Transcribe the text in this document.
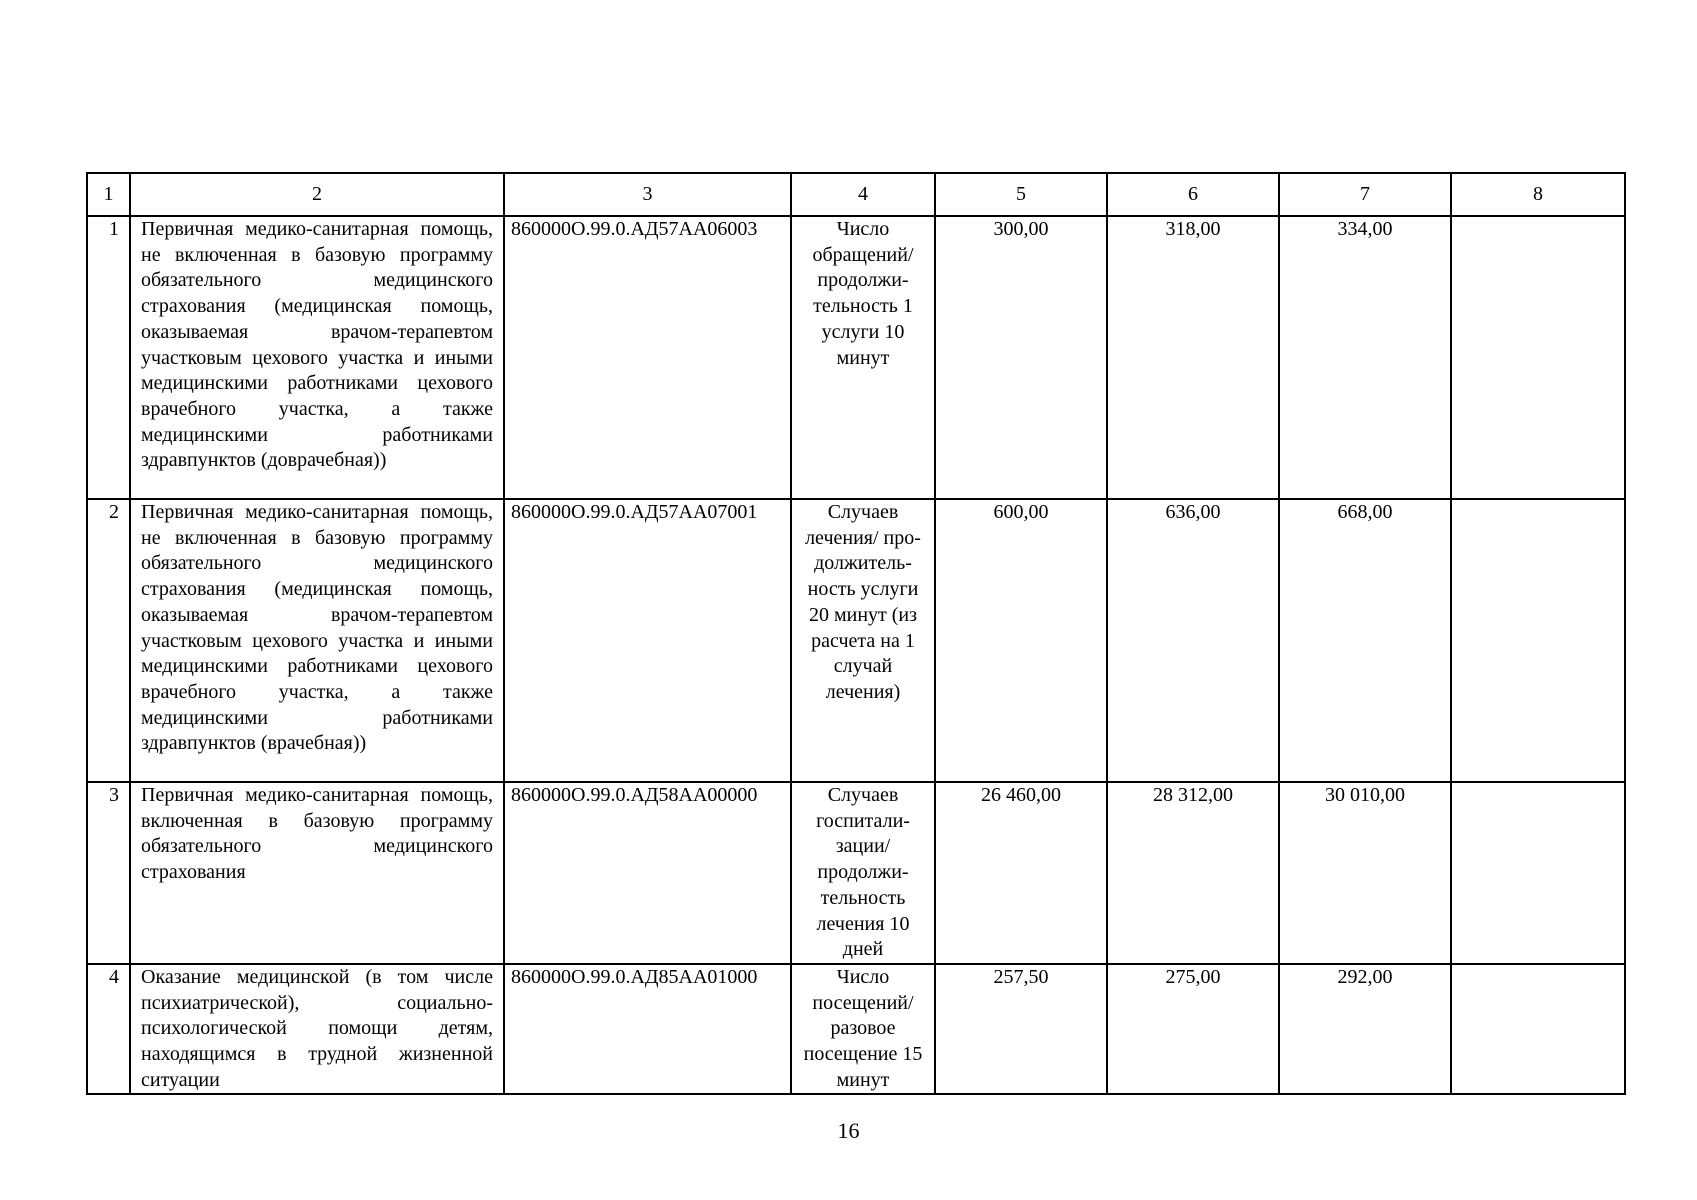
1	2	3	4	5	6	7	8
1	Первичная медико-санитарная помощь, не включенная в базовую программу обязательного медицинского страхования (медицинская помощь, оказываемая врачом-терапевтом участковым цехового участка и иными медицинскими работниками цехового врачебного участка, а также медицинскими работниками здравпунктов (доврачебная))	860000О.99.0.АД57АА06003	Число обращений/ продолжи-тельность 1 услуги 10 минут	300,00	318,00	334,00	
2	Первичная медико-санитарная помощь, не включенная в базовую программу обязательного медицинского страхования (медицинская помощь, оказываемая врачом-терапевтом участковым цехового участка и иными медицинскими работниками цехового врачебного участка, а также медицинскими работниками здравпунктов (врачебная))	860000О.99.0.АД57АА07001	Случаев лечения/ про-должитель-ность услуги 20 минут (из расчета на 1 случай лечения)	600,00	636,00	668,00	
3	Первичная медико-санитарная помощь, включенная в базовую программу обязательного медицинского страхования	860000О.99.0.АД58АА00000	Случаев госпитали-зации/ продолжи-тельность лечения 10 дней	26 460,00	28 312,00	30 010,00	
4	Оказание медицинской (в том числе психиатрической), социально-психологической помощи детям, находящимся в трудной жизненной ситуации	860000О.99.0.АД85АА01000	Число посещений/ разовое посещение 15 минут	257,50	275,00	292,00	
16
